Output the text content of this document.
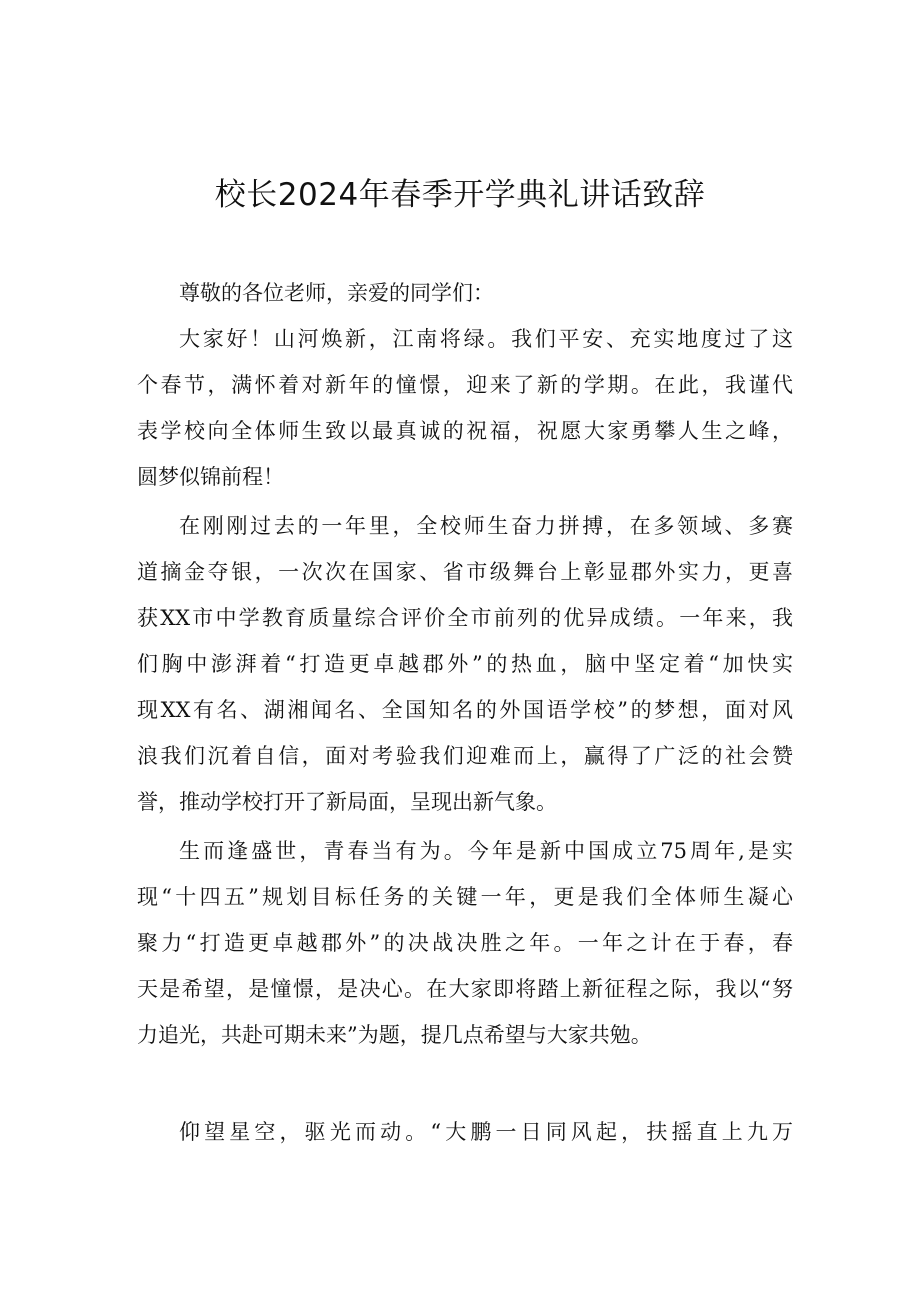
校长2024年春季开学典礼讲话致辞
尊敬的各位老师，亲爱的同学们：
大家好！山河焕新，江南将绿。我们平安、充实地度过了这
个春节，满怀着对新年的憧憬，迎来了新的学期。在此，我谨代
表学校向全体师生致以最真诚的祝福，祝愿大家勇攀人生之峰，
圆梦似锦前程！
在刚刚过去的一年里，全校师生奋力拼搏，在多领域、多赛
道摘金夺银，一次次在国家、省市级舞台上彰显郡外实力，更喜
获XX市中学教育质量综合评价全市前列的优异成绩。一年来，我
们胸中澎湃着“打造更卓越郡外”的热血，脑中坚定着“加快实
现XX有名、湖湘闻名、全国知名的外国语学校”的梦想，面对风
浪我们沉着自信，面对考验我们迎难而上，赢得了广泛的社会赞
誉，推动学校打开了新局面，呈现出新气象。
生而逢盛世，青春当有为。今年是新中国成立75周年,是实
现“十四五”规划目标任务的关键一年，更是我们全体师生凝心
聚力“打造更卓越郡外”的决战决胜之年。一年之计在于春，春
天是希望，是憧憬，是决心。在大家即将踏上新征程之际，我以“努
力追光，共赴可期未来”为题，提几点希望与大家共勉。
仰望星空，驱光而动。“大鹏一日同风起，扶摇直上九万
